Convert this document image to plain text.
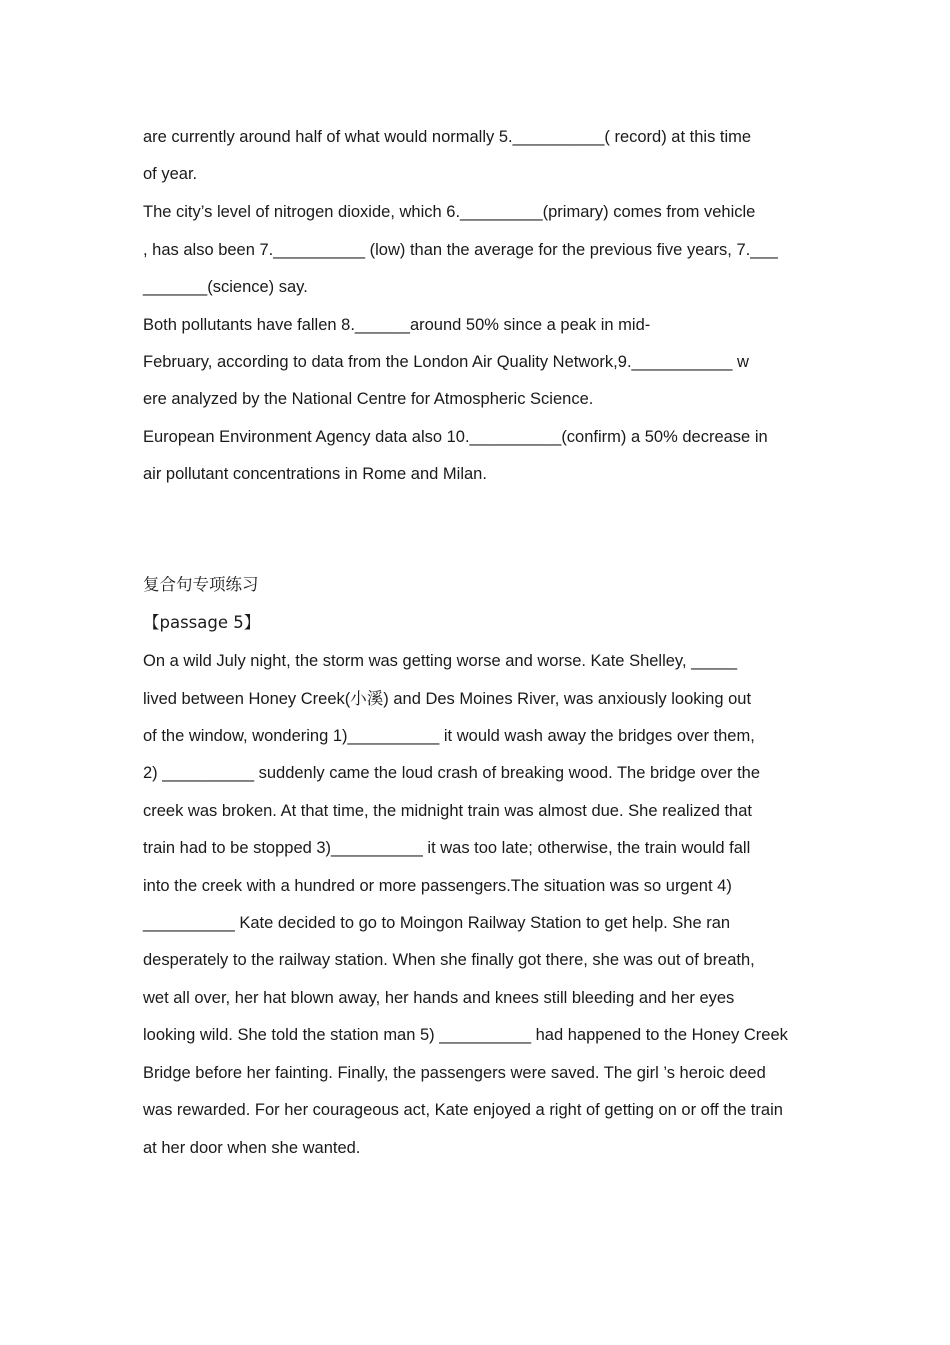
are currently around half of what would normally 5.__________( record) at this time
of year.
The city’s level of nitrogen dioxide, which 6._________(primary) comes from vehicle
, has also been 7.__________ (low) than the average for the previous five years, 7.___
_______(science) say.
Both pollutants have fallen 8.______around 50% since a peak in mid-
February, according to data from the London Air Quality Network,9.___________ w
ere analyzed by the National Centre for Atmospheric Science.
European Environment Agency data also 10.__________(confirm) a 50% decrease in
air pollutant concentrations in Rome and Milan.
复合句专项练习
【passage 5】
On a wild July night, the storm was getting worse and worse. Kate Shelley, _____
lived between Honey Creek(小溪) and Des Moines River, was anxiously looking out
of the window, wondering 1)__________ it would wash away the bridges over them,
2) __________ suddenly came the loud crash of breaking wood. The bridge over the
creek was broken. At that time, the midnight train was almost due. She realized that
train had to be stopped 3)__________ it was too late; otherwise, the train would fall
into the creek with a hundred or more passengers.The situation was so urgent 4)
__________ Kate decided to go to Moingon Railway Station to get help. She ran
desperately to the railway station. When she finally got there, she was out of breath,
wet all over, her hat blown away, her hands and knees still bleeding and her eyes
looking wild. She told the station man 5) __________ had happened to the Honey Creek
Bridge before her fainting. Finally, the passengers were saved. The girl ’s heroic deed
was rewarded. For her courageous act, Kate enjoyed a right of getting on or off the train
at her door when she wanted.
